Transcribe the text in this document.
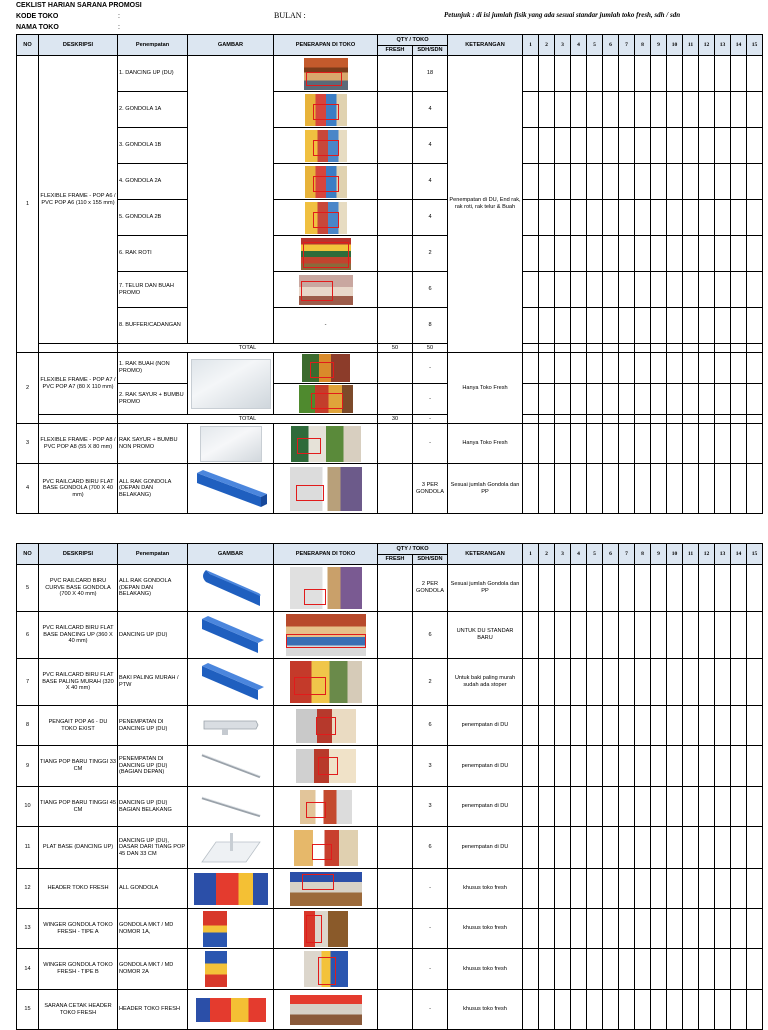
CEKLIST HARIAN SARANA PROMOSI
KODE TOKO	:
NAMA TOKO	:
BULAN :	Petunjuk : di isi jumlah fisik yang ada sesuai standar jumlah toko fresh, sdh / sdn
NO	DESKRIPSI	Penempatan	GAMBAR	PENERAPAN DI TOKO	QTY / TOKO		KETERANGAN	1	2	3	4	5	6	7	8	9	10	11	12	13	14	15
					FRESH	SDH/SDN																
1	FLEXIBLE FRAME - POP A6 / PVC POP A6 (110 x 155 mm)	1. DANCING UP (DU)				18	Penempatan di DU, End rak, rak roti, rak telur & Buah															
		2. GONDOLA 1A				4																
		3. GONDOLA 1B				4																
		4. GONDOLA 2A				4																
		5. GONDOLA 2B				4																
		6. RAK ROTI				2																
		7. TELUR DAN BUAH PROMO				6																
		8. BUFFER/CADANGAN		-		8																
		TOTAL			50	50																
2	FLEXIBLE FRAME - POP A7 / PVC POP A7 (80 X 110 mm)	1. RAK BUAH (NON PROMO)				-	Hanya Toko Fresh															
		2. RAK SAYUR + BUMBU PROMO				-																
		TOTAL			30	-																
3	FLEXIBLE FRAME - POP A8 / PVC POP A8 (55 X 80 mm)	RAK SAYUR + BUMBU NON PROMO				-	Hanya Toko Fresh															
4	PVC RAILCARD BIRU FLAT BASE GONDOLA (700 X 40 mm)	ALL RAK GONDOLA (DEPAN DAN BELAKANG)				3 PER GONDOLA	Sesuai jumlah Gondola dan PP															
NO	DESKRIPSI	Penempatan	GAMBAR	PENERAPAN DI TOKO	QTY / TOKO		KETERANGAN	1	2	3	4	5	6	7	8	9	10	11	12	13	14	15
					FRESH	SDH/SDN																
5	PVC RAILCARD BIRU CURVE BASE GONDOLA (700 X 40 mm)	ALL RAK GONDOLA (DEPAN DAN BELAKANG)				2 PER GONDOLA	Sesuai jumlah Gondola dan PP															
6	PVC RAILCARD BIRU FLAT BASE DANCING UP (360 X 40 mm)	DANCING UP (DU)				6	UNTUK DU STANDAR BARU															
7	PVC RAILCARD BIRU FLAT BASE PALING MURAH (320 X 40 mm)	BAKI PALING MURAH / PTW				2	Untuk baki paling murah sudah ada stoper															
8	PENGAIT POP A6 - DU TOKO EXIST	PENEMPATAN DI DANCING UP (DU)				6	penempatan di DU															
9	TIANG POP BARU TINGGI 33 CM	PENEMPATAN DI DANCING UP (DU) (BAGIAN DEPAN)				3	penempatan di DU															
10	TIANG POP BARU TINGGI 45 CM	DANCING UP (DU) BAGIAN BELAKANG				3	penempatan di DU															
11	PLAT BASE (DANCING UP)	DANCING UP (DU), DASAR DARI TIANG POP 45 DAN 33 CM				6	penempatan di DU															
12	HEADER TOKO FRESH	ALL GONDOLA				-	khusus toko fresh															
13	WINGER GONDOLA TOKO FRESH - TIPE A	GONDOLA MKT / MD NOMOR 1A,				-	khusus toko fresh															
14	WINGER GONDOLA TOKO FRESH - TIPE B	GONDOLA MKT / MD NOMOR 2A				-	khusus toko fresh															
15	SARANA CETAK HEADER TOKO FRESH	HEADER TOKO FRESH				-	khusus toko fresh															
